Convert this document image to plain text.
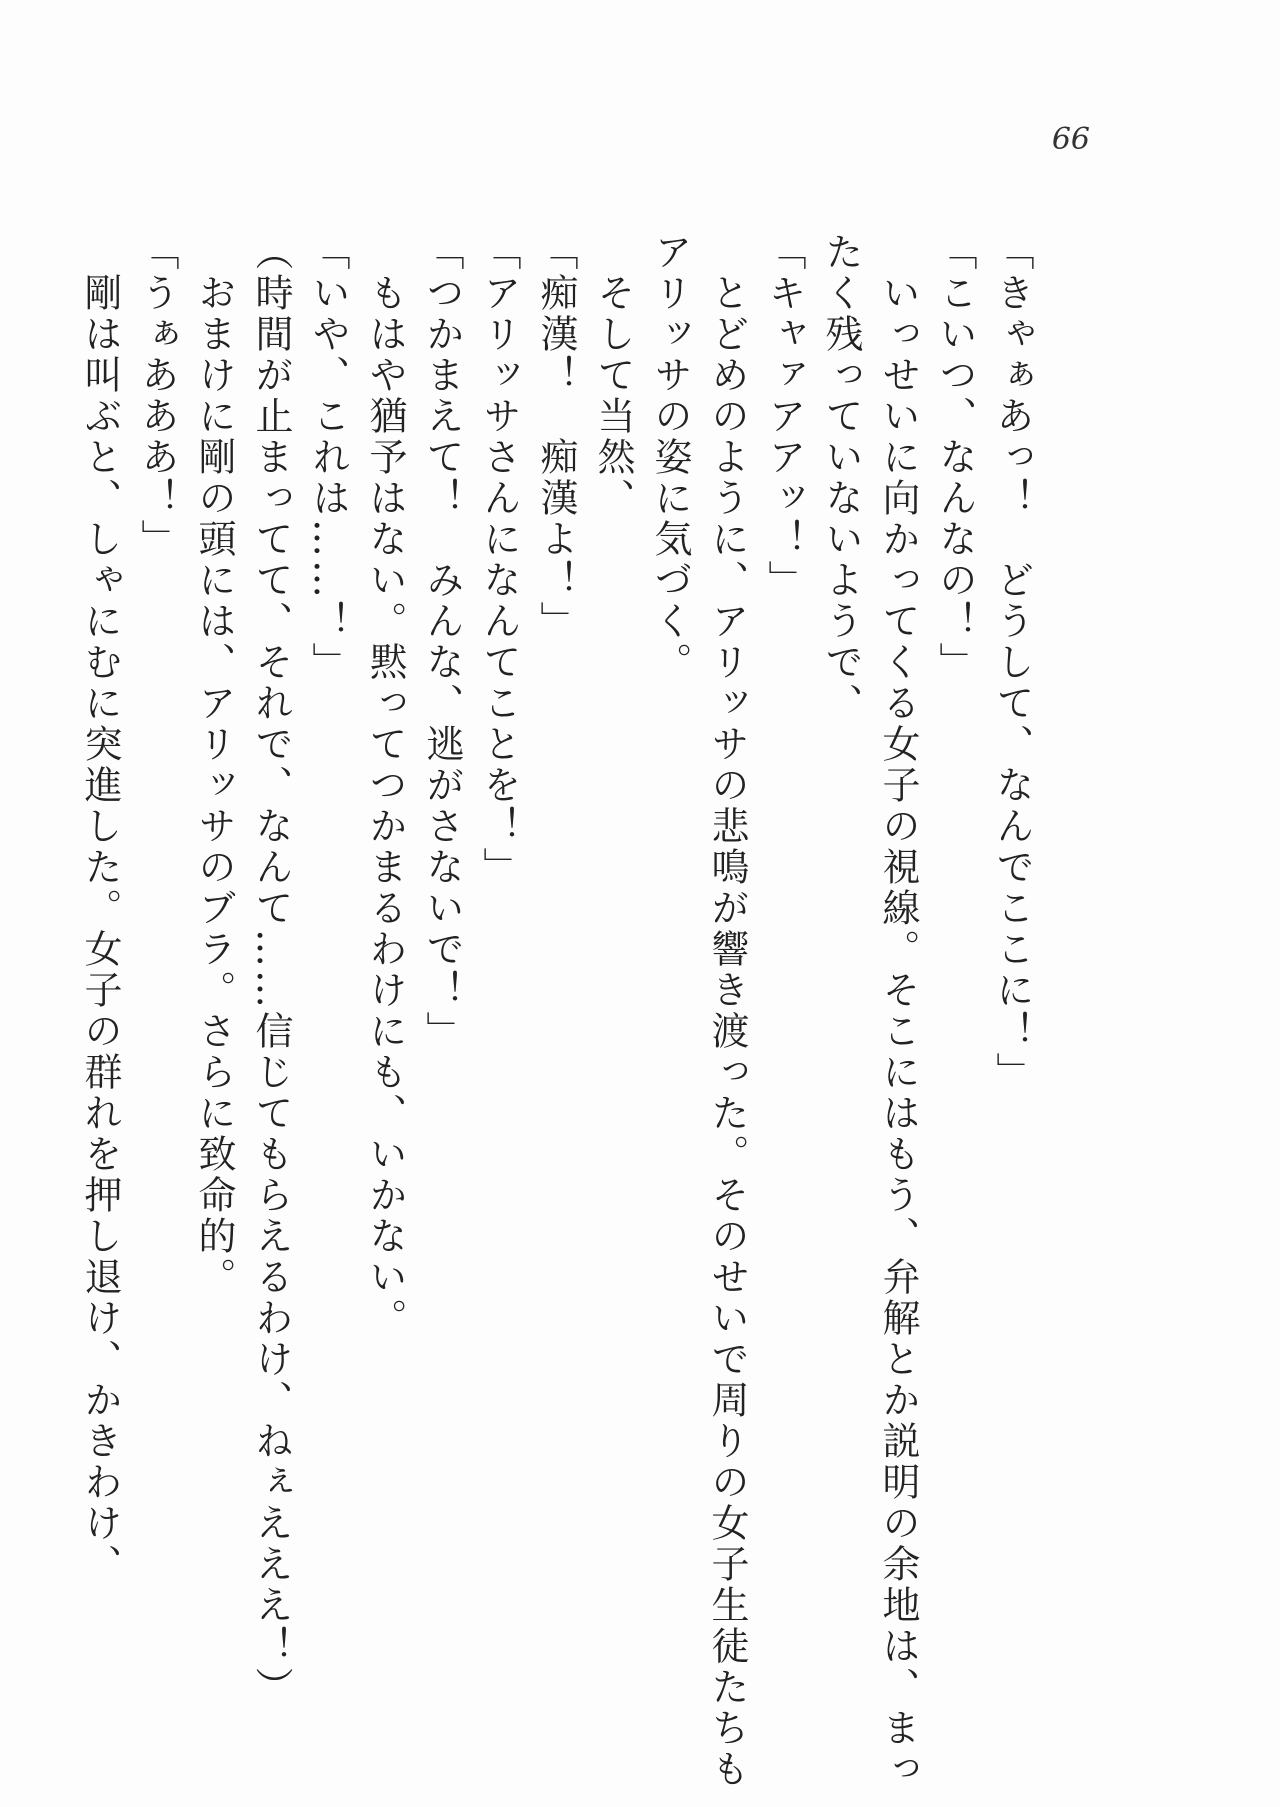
66
「きゃぁあっ！　どうして、なんでここに！」
「こいつ、なんなの！」
　いっせいに向かってくる女子の視線。そこにはもう、弁解とか説明の余地は、まっ
たく残っていないようで、
「キャァアアッ！」
　とどめのように、アリッサの悲鳴が響き渡った。そのせいで周りの女子生徒たちも
アリッサの姿に気づく。
　そして当然、
「痴漢！　痴漢よ！」
「アリッサさんになんてことを！」
「つかまえて！　みんな、逃がさないで！」
　もはや猶予はない。黙ってつかまるわけにも、いかない。
「いや、これは……！」
（時間が止まってて、それで、なんて……信じてもらえるわけ、ねぇえええ！）
　おまけに剛の頭には、アリッサのブラ。さらに致命的。
「うぁあああ！」
　剛は叫ぶと、しゃにむに突進した。女子の群れを押し退け、かきわけ、
